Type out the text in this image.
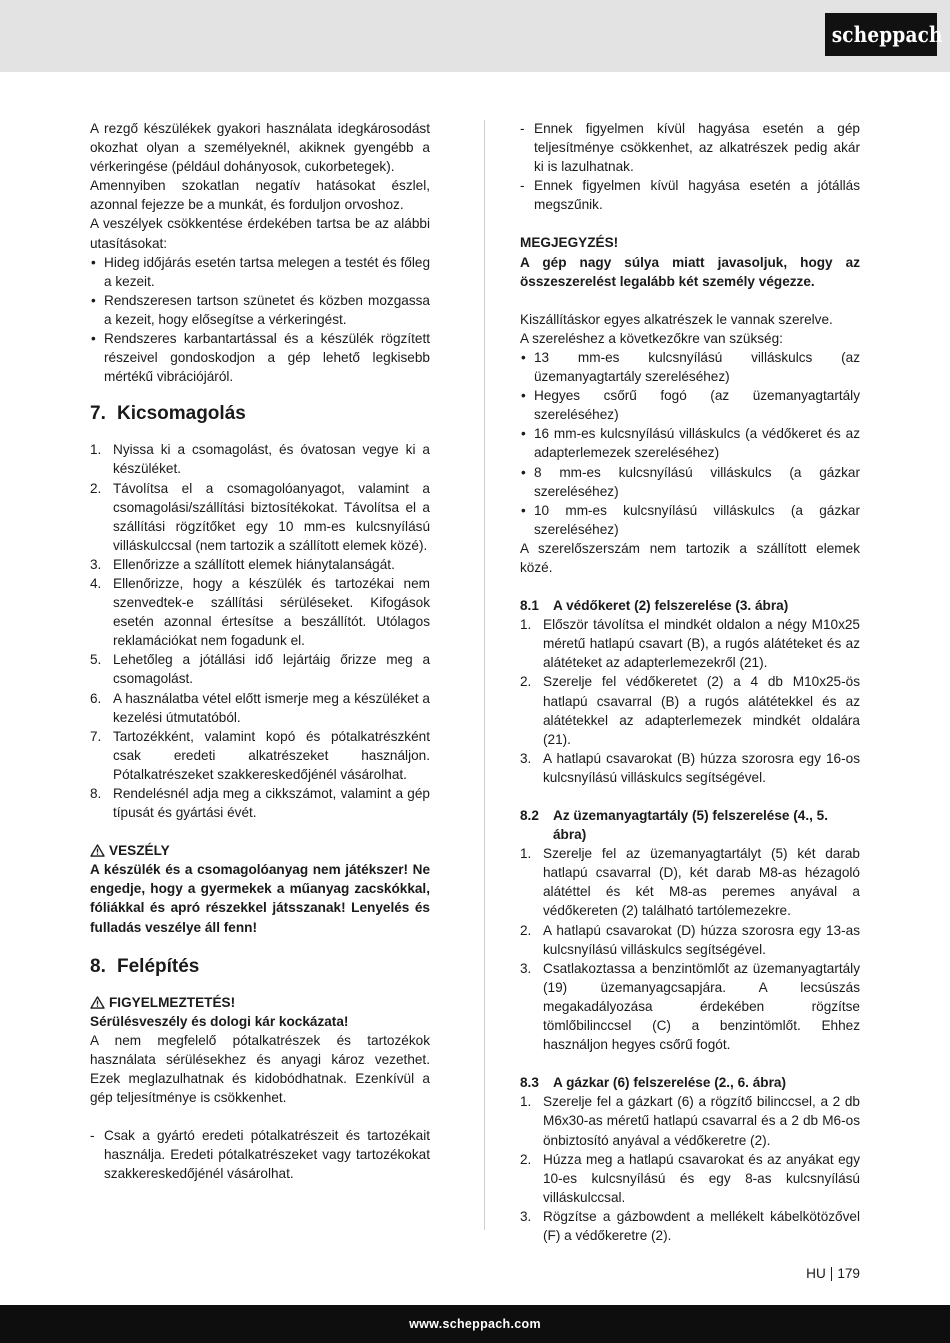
scheppach
A rezgő készülékek gyakori használata idegkárosodást okozhat olyan a személyeknél, akiknek gyengébb a vérkeringése (például dohányosok, cukorbetegek).
Amennyiben szokatlan negatív hatásokat észlel, azonnal fejezze be a munkát, és forduljon orvoshoz.
A veszélyek csökkentése érdekében tartsa be az alábbi utasításokat:
• Hideg időjárás esetén tartsa melegen a testét és főleg a kezeit.
• Rendszeresen tartson szünetet és közben mozgassa a kezeit, hogy elősegítse a vérkeringést.
• Rendszeres karbantartással és a készülék rögzített részeivel gondoskodjon a gép lehető legkisebb mértékű vibrációjáról.
7. Kicsomagolás
1. Nyissa ki a csomagolást, és óvatosan vegye ki a készüléket.
2. Távolítsa el a csomagolóanyagot, valamint a csomagolási/szállítási biztosítékokat. Távolítsa el a szállítási rögzítőket egy 10 mm-es kulcsnyílású villáskulccsal (nem tartozik a szállított elemek közé).
3. Ellenőrizze a szállított elemek hiánytalanságát.
4. Ellenőrizze, hogy a készülék és tartozékai nem szenvedtek-e szállítási sérüléseket. Kifogások esetén azonnal értesítse a beszállítót. Utólagos reklamációkat nem fogadunk el.
5. Lehetőleg a jótállási idő lejártáig őrizze meg a csomagolást.
6. A használatba vétel előtt ismerje meg a készüléket a kezelési útmutatóból.
7. Tartozékként, valamint kopó és pótalkatrészként csak eredeti alkatrészeket használjon. Pótalkatrészeket szakkereskedőjénél vásárolhat.
8. Rendelésnél adja meg a cikkszámot, valamint a gép típusát és gyártási évét.
VESZÉLY
A készülék és a csomagolóanyag nem játékszer! Ne engedje, hogy a gyermekek a műanyag zacskókkal, fóliákkal és apró részekkel játsszanak! Lenyelés és fulladás veszélye áll fenn!
8. Felépítés
FIGYELMEZTETÉS!
Sérülésveszély és dologi kár kockázata!
A nem megfelelő pótalkatrészek és tartozékok használata sérülésekhez és anyagi károz vezethet. Ezek meglazulhatnak és kidobódhatnak. Ezenkívül a gép teljesítménye is csökkenhet.
- Csak a gyártó eredeti pótalkatrészeit és tartozékait használja. Eredeti pótalkatrészeket vagy tartozékokat szakkereskedőjénél vásárolhat.
- Ennek figyelmen kívül hagyása esetén a gép teljesítménye csökkenhet, az alkatrészek pedig akár ki is lazulhatnak.
- Ennek figyelmen kívül hagyása esetén a jótállás megszűnik.
MEGJEGYZÉS!
A gép nagy súlya miatt javasoljuk, hogy az összeszerelést legalább két személy végezze.
Kiszállításkor egyes alkatrészek le vannak szerelve.
A szereléshez a következőkre van szükség:
• 13 mm-es kulcsnyílású villáskulcs (az üzemanyagtartály szereléséhez)
• Hegyes csőrű fogó (az üzemanyagtartály szereléséhez)
• 16 mm-es kulcsnyílású villáskulcs (a védőkeret és az adapterlemezek szereléséhez)
• 8 mm-es kulcsnyílású villáskulcs (a gázkar szereléséhez)
• 10 mm-es kulcsnyílású villáskulcs (a gázkar szereléséhez)
A szerelőszerszám nem tartozik a szállított elemek közé.
8.1	A védőkeret (2) felszerelése (3. ábra)
1. Először távolítsa el mindkét oldalon a négy M10x25 méretű hatlapú csavart (B), a rugós alátéteket és az alátéteket az adapterlemezekről (21).
2. Szerelje fel védőkeretet (2) a 4 db M10x25-ös hatlapú csavarral (B) a rugós alátétekkel és az alátétekkel az adapterlemezek mindkét oldalára (21).
3. A hatlapú csavarokat (B) húzza szorosra egy 16-os kulcsnyílású villáskulcs segítségével.
8.2	Az üzemanyagtartály (5) felszerelése (4., 5. ábra)
1. Szerelje fel az üzemanyagtartályt (5) két darab hatlapú csavarral (D), két darab M8-as hézagoló alátéttel és két M8-as peremes anyával a védőkereten (2) található tartólemezekre.
2. A hatlapú csavarokat (D) húzza szorosra egy 13-as kulcsnyílású villáskulcs segítségével.
3. Csatlakoztassa a benzintömlőt az üzemanyagtartály (19) üzemanyagcsapjára. A lecsúszás megakadályozása érdekében rögzítse tömlőbilinccsel (C) a benzintömlőt. Ehhez használjon hegyes csőrű fogót.
8.3	A gázkar (6) felszerelése (2., 6. ábra)
1. Szerelje fel a gázkart (6) a rögzítő bilinccsel, a 2 db M6x30-as méretű hatlapú csavarral és a 2 db M6-os önbiztosító anyával a védőkeretre (2).
2. Húzza meg a hatlapú csavarokat és az anyákat egy 10-es kulcsnyílású és egy 8-as kulcsnyílású villáskulccsal.
3. Rögzítse a gázbowdent a mellékelt kábelkötözővel (F) a védőkeretre (2).
HU 179
www.scheppach.com
